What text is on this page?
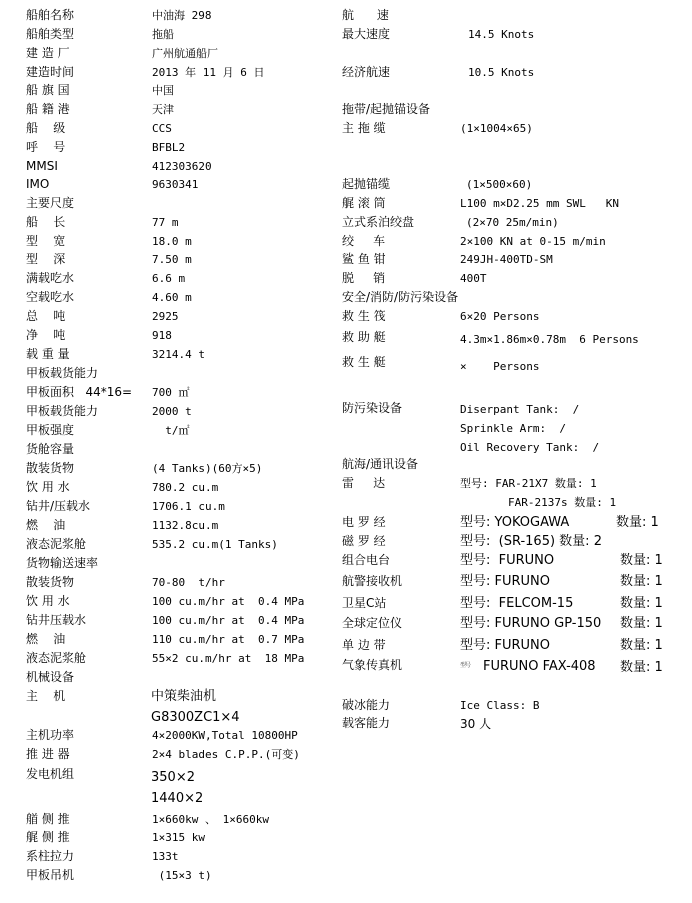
船舶名称	中油海 298
船舶类型	拖船
建 造 厂	广州航通船厂
建造时间	2013 年 11 月 6 日
船 旗 国	中国
船 籍 港	天津
船    级	CCS
呼    号	BFBL2
MMSI	412303620
IMO	9630341
主要尺度
船    长	77 m
型    宽	18.0 m
型    深	7.50 m
满载吃水	6.6 m
空载吃水	4.60 m
总    吨	2925
净    吨	918
载 重 量	3214.4 t
甲板载货能力
甲板面积   44*16= 700 ㎡
甲板载货能力	2000 t
甲板强度	t/㎡
货舱容量
散装货物	(4 Tanks)(60方×5)
饮 用 水	780.2 cu.m
钻井/压载水	1706.1 cu.m
燃    油	1132.8cu.m
液态泥浆舱	535.2 cu.m(1 Tanks)
货物输送速率
散装货物	70-80  t/hr
饮 用 水	100 cu.m/hr at  0.4 MPa
钻井压载水	100 cu.m/hr at  0.4 MPa
燃    油	110 cu.m/hr at  0.7 MPa
液态泥浆舱	55×2 cu.m/hr at  18 MPa
机械设备
主    机	中策柴油机
G8300ZC1×4
主机功率	4×2000KW,Total 10800HP
推 进 器	2×4 blades C.P.P.(可变)
发电机组	350×2
1440×2
艏 侧 推	1×660kw 、 1×660kw
艉 侧 推	1×315 kw
系柱拉力	133t
甲板吊机	(15×3 t)
航      速
最大速度	14.5 Knots
经济航速	10.5 Knots
拖带/起抛锚设备
主 拖 缆	(1×1004×65)
起抛锚缆	(1×500×60)
艉 滚 筒	L100 m×D2.25 mm SWL   KN
立式系泊绞盘	(2×70 25m/min)
绞     车	2×100 KN at 0-15 m/min
鲨 鱼 钳	249JH-400TD-SM
脱     销	400T
安全/消防/防污染设备
救 生 筏	6×20 Persons
救 助 艇	4.3m×1.86m×0.78m  6 Persons
救 生 艇	×    Persons
防污染设备	Diserpant Tank:  /
Sprinkle Arm:  /
Oil Recovery Tank:  /
航海/通讯设备
雷     达	型号: FAR-21X7 数量: 1
FAR-2137s 数量: 1
电 罗 经	型号: YOKOGAWA	数量: 1
磁 罗 经	型号:  (SR-165) 数量: 2
组合电台	型号:  FURUNO	数量: 1
航警接收机	型号: FURUNO	数量: 1
卫星C站	型号:  FELCOM-15	数量: 1
全球定位仪	型号: FURUNO GP-150 数量: 1
单 边 带	型号: FURUNO	数量: 1
气象传真机	型号 FURUNO FAX-408 数量: 1
破冰能力	Ice Class: B
载客能力	30 人
